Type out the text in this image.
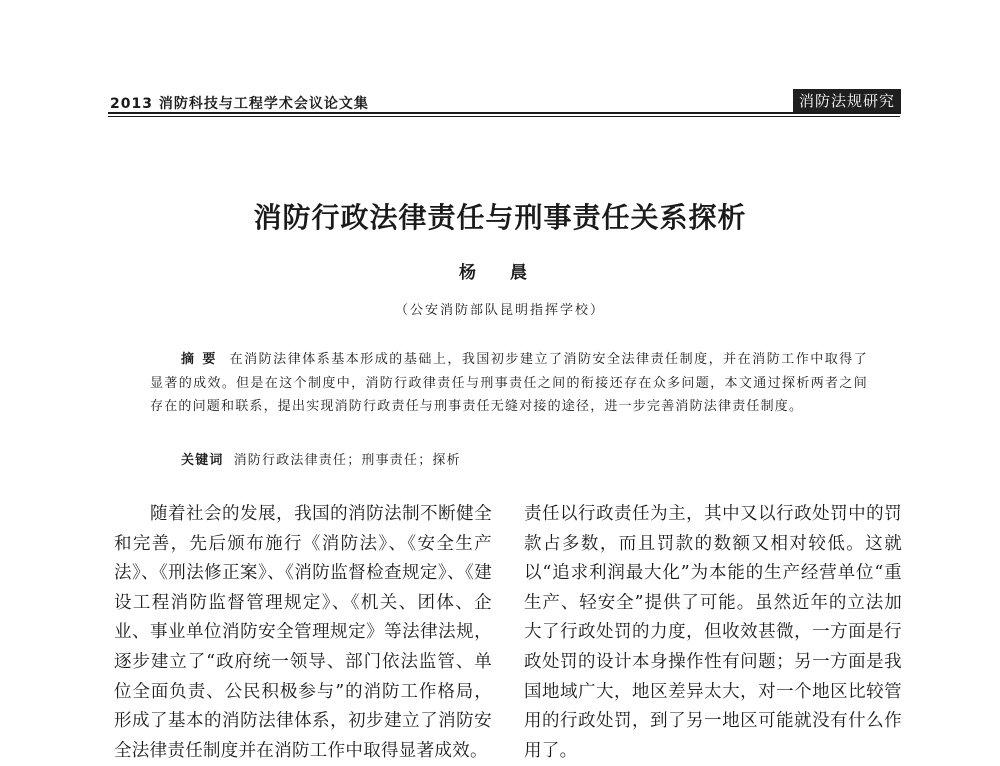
2013 消防科技与工程学术会议论文集	消防法规研究
消防行政法律责任与刑事责任关系探析
杨 晨
（公安消防部队昆明指挥学校）
摘要 在消防法律体系基本形成的基础上，我国初步建立了消防安全法律责任制度，并在消防工作中取得了显著的成效。但是在这个制度中，消防行政律责任与刑事责任之间的衔接还存在众多问题，本文通过探析两者之间存在的问题和联系，提出实现消防行政责任与刑事责任无缝对接的途径，进一步完善消防法律责任制度。
关键词 消防行政法律责任；刑事责任；探析
随着社会的发展，我国的消防法制不断健全和完善，先后颁布施行《消防法》、《安全生产法》、《刑法修正案》、《消防监督检查规定》、《建设工程消防监督管理规定》、《机关、团体、企业、事业单位消防安全管理规定》等法律法规，逐步建立了“政府统一领导、部门依法监管、单位全面负责、公民积极参与”的消防工作格局，形成了基本的消防法律体系，初步建立了消防安全法律责任制度并在消防工作中取得显著成效。
责任以行政责任为主，其中又以行政处罚中的罚款占多数，而且罚款的数额又相对较低。这就以“追求利润最大化”为本能的生产经营单位“重生产、轻安全”提供了可能。虽然近年的立法加大了行政处罚的力度，但收效甚微，一方面是行政处罚的设计本身操作性有问题；另一方面是我国地域广大，地区差异太大，对一个地区比较管用的行政处罚，到了另一地区可能就没有什么作用了。
